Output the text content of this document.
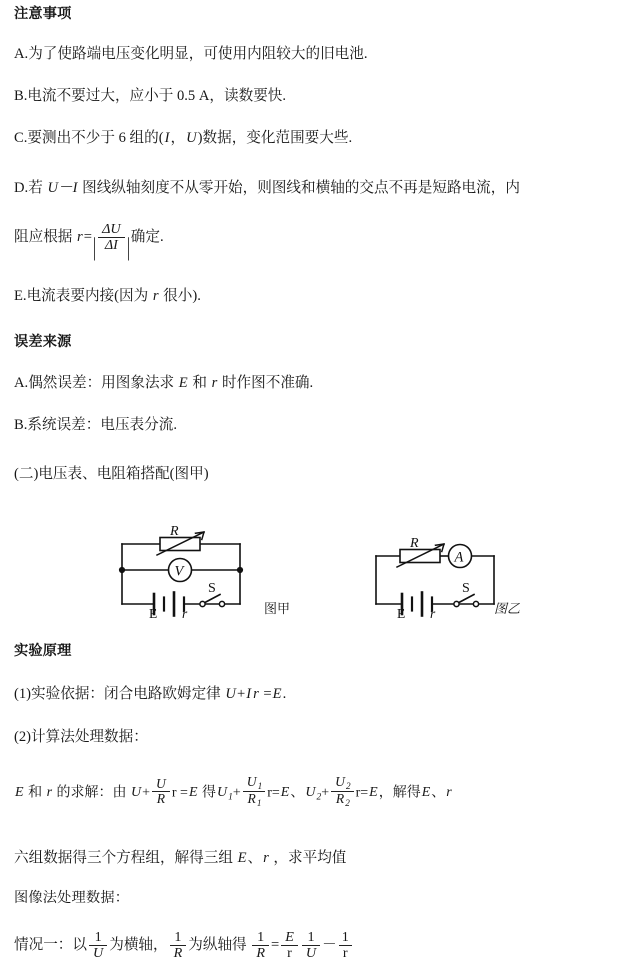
注意事项
A.为了使路端电压变化明显，可使用内阻较大的旧电池.
B.电流不要过大，应小于 0.5 A，读数要快.
C.要测出不少于 6 组的(I，U)数据，变化范围要大些.
D.若 U－I 图线纵轴刻度不从零开始，则图线和横轴的交点不再是短路电流，内
阻应根据 $r=| \frac{\Delta U}{\Delta I}$ |确定.
E.电流表要内接(因为 r 很小).
误差来源
A.偶然误差：用图象法求 E 和 r 时作图不准确.
B.系统误差：电压表分流.
(二)电压表、电阻箱搭配(图甲)
R
V
E r
S
图甲
R
A
E r
S
图乙
实验原理
(1)实验依据：闭合电路欧姆定律 U+I r =E.
(2)计算法处理数据：
E 和 r 的求解：由 $U+ \frac{U}{R}$ r =E 得$U_1+ \frac{U_1}{R_1} r=E$、$U_2+ \frac{U_2}{R_2} r=E$，解得E、r
六组数据得三个方程组，解得三组 E、r ，求平均值
图像法处理数据：
情况一：以 $\frac{1}{U}$ 为横轴， $\frac{1}{R}$ 为纵轴得 $\frac{1}{R} = \frac{E}{r} \frac{1}{U} - \frac{1}{r}$
